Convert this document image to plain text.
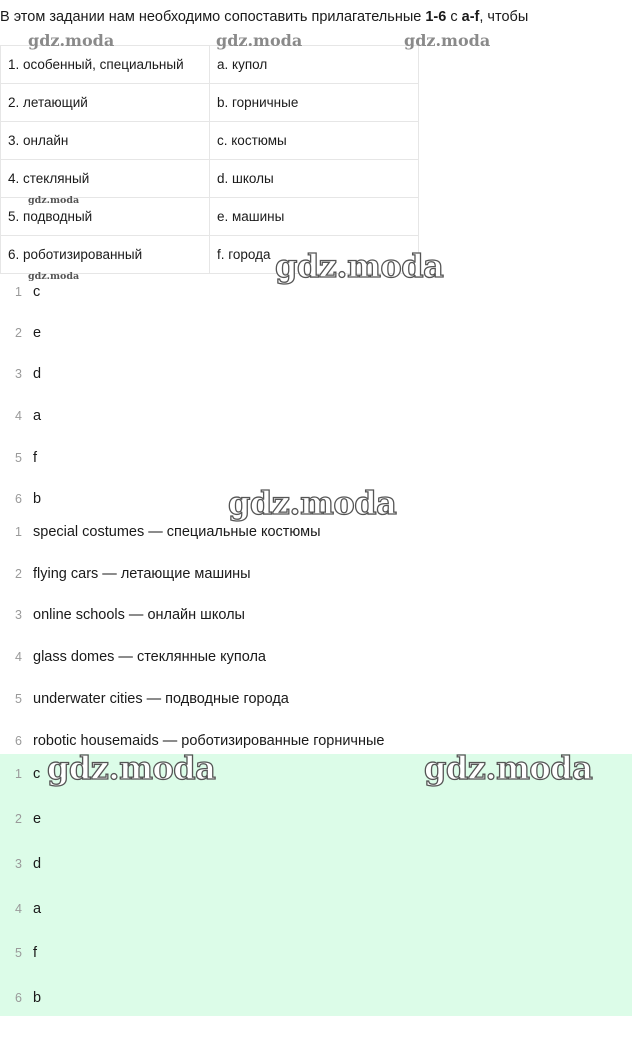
В этом задании нам необходимо сопоставить прилагательные 1-6 с a-f, чтобы
1. особенный, специальный	a. купол
2. летающий	b. горничные
3. онлайн	c. костюмы
4. стекляный	d. школы
5. подводный	e. машины
6. роботизированный	f. города
1 c
2 e
3 d
4 a
5 f
6 b
1 special costumes — специальные костюмы
2 flying cars — летающие машины
3 online schools — онлайн школы
4 glass domes — стеклянные купола
5 underwater cities — подводные города
6 robotic housemaids — роботизированные горничные
1 c
2 e
3 d
4 a
5 f
6 b
gdz.moda	gdz.moda	gdz.moda
gdz.moda
gdz.moda	gdz.moda
gdz.moda
gdz.moda	gdz.moda
